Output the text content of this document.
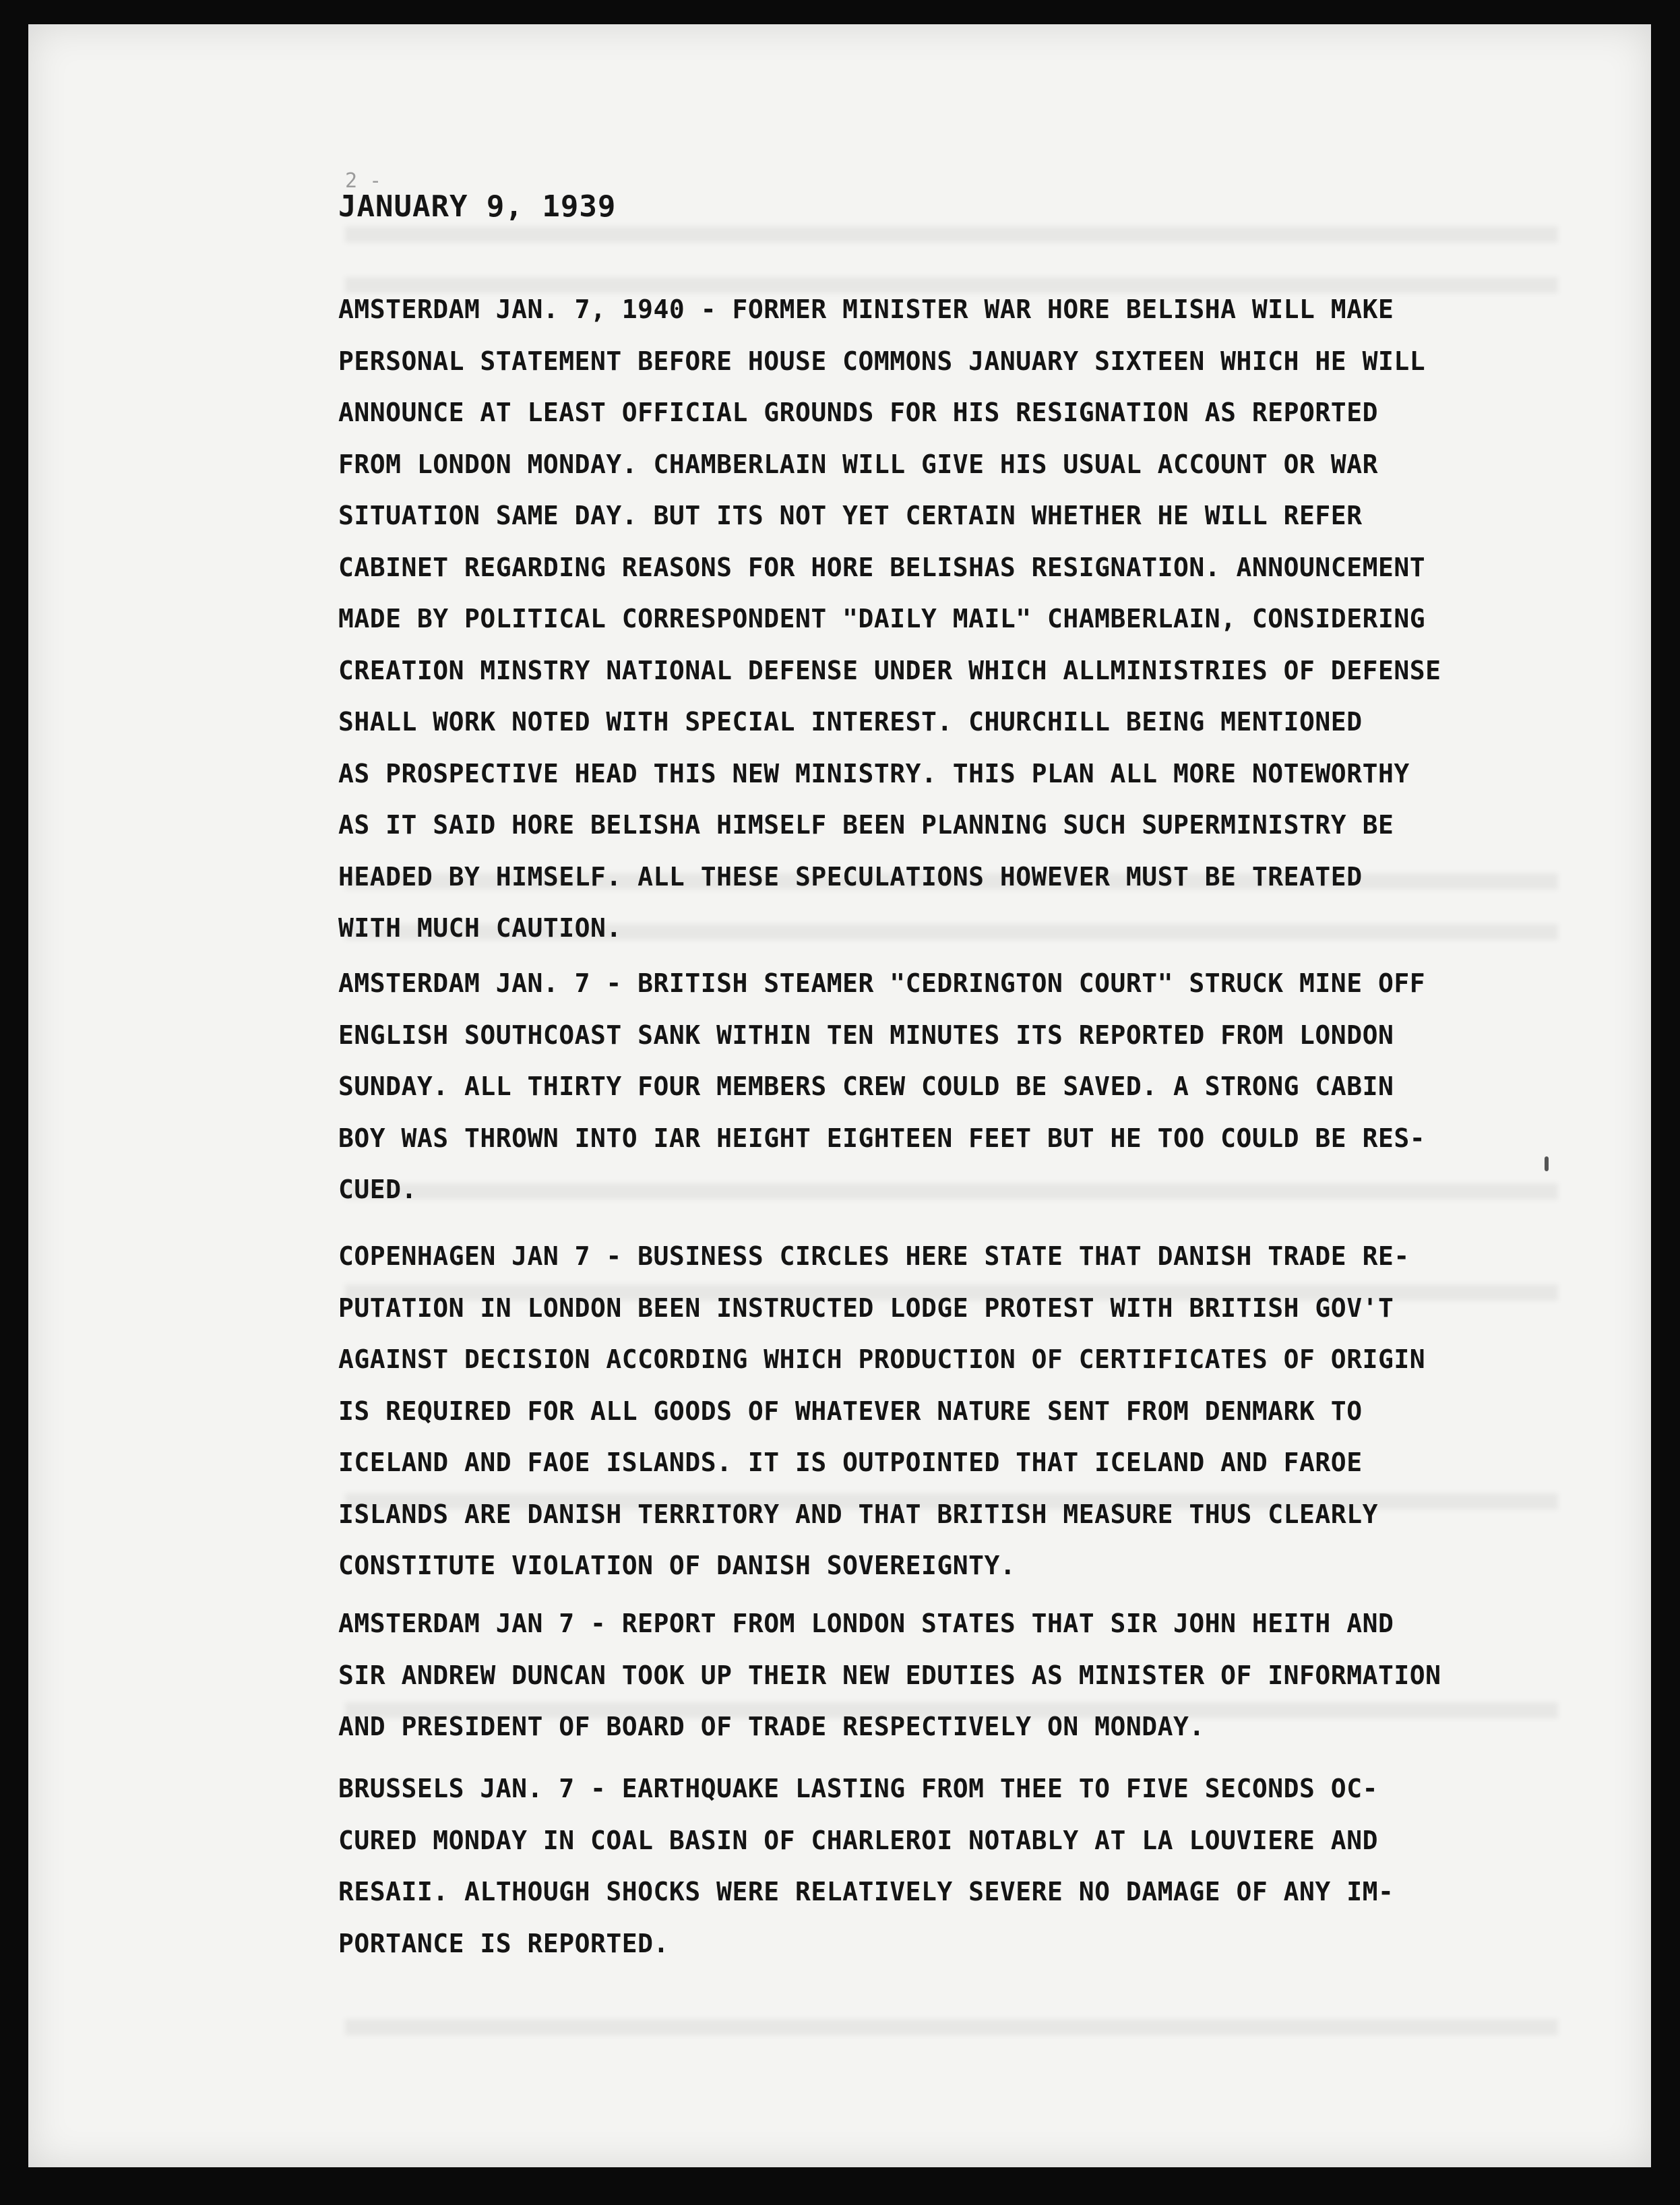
2 -
JANUARY 9, 1939
AMSTERDAM JAN. 7, 1940 - FORMER MINISTER WAR HORE BELISHA WILL MAKE
PERSONAL STATEMENT BEFORE HOUSE COMMONS JANUARY SIXTEEN WHICH HE WILL
ANNOUNCE AT LEAST OFFICIAL GROUNDS FOR HIS RESIGNATION AS REPORTED
FROM LONDON MONDAY. CHAMBERLAIN WILL GIVE HIS USUAL ACCOUNT OR WAR
SITUATION SAME DAY. BUT ITS NOT YET CERTAIN WHETHER HE WILL REFER
CABINET REGARDING REASONS FOR HORE BELISHAS RESIGNATION. ANNOUNCEMENT
MADE BY POLITICAL CORRESPONDENT "DAILY MAIL" CHAMBERLAIN, CONSIDERING
CREATION MINSTRY NATIONAL DEFENSE UNDER WHICH ALLMINISTRIES OF DEFENSE
SHALL WORK NOTED WITH SPECIAL INTEREST. CHURCHILL BEING MENTIONED
AS PROSPECTIVE HEAD THIS NEW MINISTRY. THIS PLAN ALL MORE NOTEWORTHY
AS IT SAID HORE BELISHA HIMSELF BEEN PLANNING SUCH SUPERMINISTRY BE
HEADED BY HIMSELF. ALL THESE SPECULATIONS HOWEVER MUST BE TREATED
WITH MUCH CAUTION.
AMSTERDAM JAN. 7 - BRITISH STEAMER "CEDRINGTON COURT" STRUCK MINE OFF
ENGLISH SOUTHCOAST SANK WITHIN TEN MINUTES ITS REPORTED FROM LONDON
SUNDAY. ALL THIRTY FOUR MEMBERS CREW COULD BE SAVED. A STRONG CABIN
BOY WAS THROWN INTO IAR HEIGHT EIGHTEEN FEET BUT HE TOO COULD BE RES-
CUED.
COPENHAGEN JAN 7 - BUSINESS CIRCLES HERE STATE THAT DANISH TRADE RE-
PUTATION IN LONDON BEEN INSTRUCTED LODGE PROTEST WITH BRITISH GOV'T
AGAINST DECISION ACCORDING WHICH PRODUCTION OF CERTIFICATES OF ORIGIN
IS REQUIRED FOR ALL GOODS OF WHATEVER NATURE SENT FROM DENMARK TO
ICELAND AND FAOE ISLANDS. IT IS OUTPOINTED THAT ICELAND AND FAROE
ISLANDS ARE DANISH TERRITORY AND THAT BRITISH MEASURE THUS CLEARLY
CONSTITUTE VIOLATION OF DANISH SOVEREIGNTY.
AMSTERDAM JAN 7 - REPORT FROM LONDON STATES THAT SIR JOHN HEITH AND
SIR ANDREW DUNCAN TOOK UP THEIR NEW EDUTIES AS MINISTER OF INFORMATION
AND PRESIDENT OF BOARD OF TRADE RESPECTIVELY ON MONDAY.
BRUSSELS JAN. 7 - EARTHQUAKE LASTING FROM THEE TO FIVE SECONDS OC-
CURED MONDAY IN COAL BASIN OF CHARLEROI NOTABLY AT LA LOUVIERE AND
RESAII. ALTHOUGH SHOCKS WERE RELATIVELY SEVERE NO DAMAGE OF ANY IM-
PORTANCE IS REPORTED.
